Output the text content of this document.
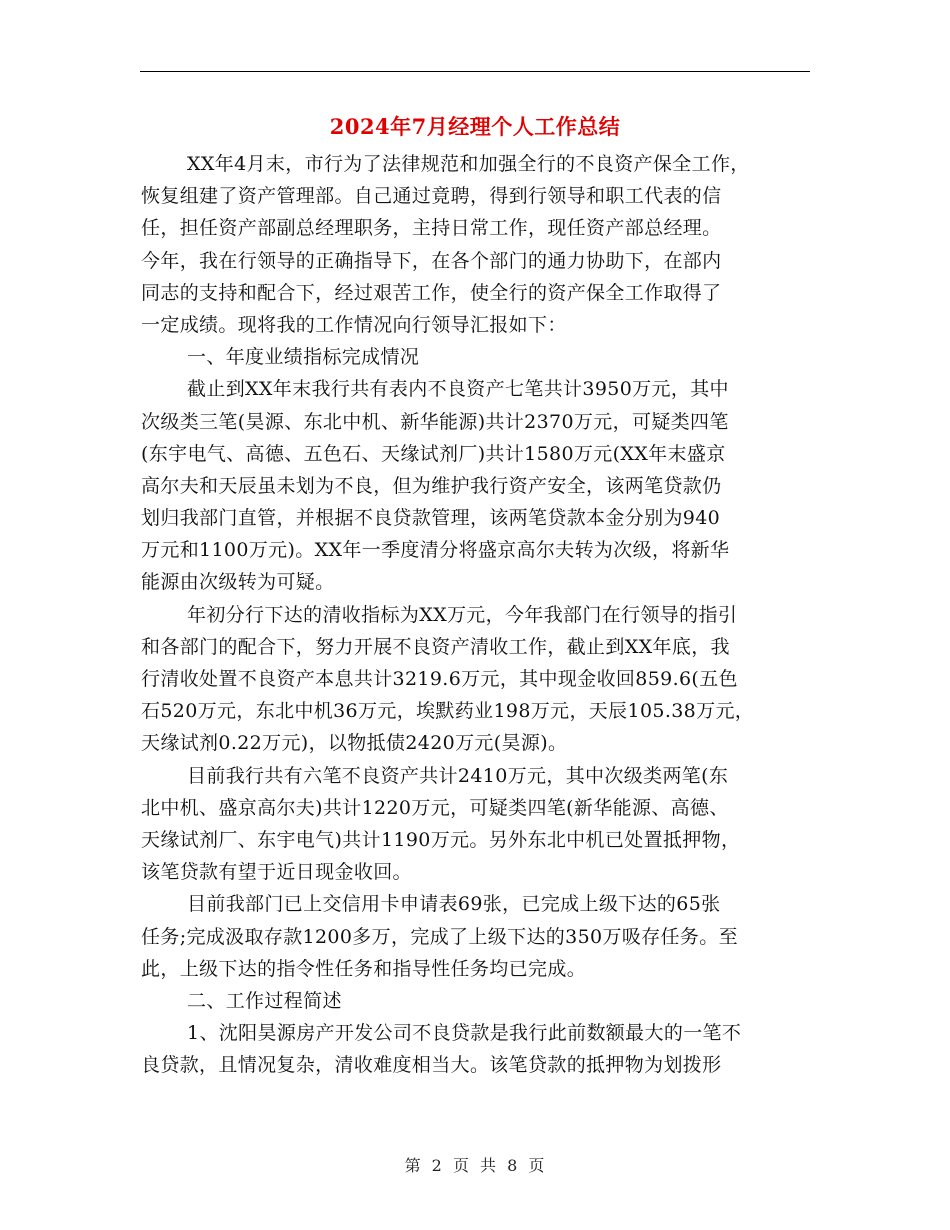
2024年7月经理个人工作总结
XX年4月末，市行为了法律规范和加强全行的不良资产保全工作，
恢复组建了资产管理部。自己通过竟聘，得到行领导和职工代表的信
任，担任资产部副总经理职务，主持日常工作，现任资产部总经理。
今年，我在行领导的正确指导下，在各个部门的通力协助下，在部内
同志的支持和配合下，经过艰苦工作，使全行的资产保全工作取得了
一定成绩。现将我的工作情况向行领导汇报如下：
一、年度业绩指标完成情况
截止到XX年末我行共有表内不良资产七笔共计3950万元，其中
次级类三笔(昊源、东北中机、新华能源)共计2370万元，可疑类四笔
(东宇电气、高德、五色石、天缘试剂厂)共计1580万元(XX年末盛京
高尔夫和天辰虽未划为不良，但为维护我行资产安全，该两笔贷款仍
划归我部门直管，并根据不良贷款管理，该两笔贷款本金分别为940
万元和1100万元)。XX年一季度清分将盛京高尔夫转为次级，将新华
能源由次级转为可疑。
年初分行下达的清收指标为XX万元，今年我部门在行领导的指引
和各部门的配合下，努力开展不良资产清收工作，截止到XX年底，我
行清收处置不良资产本息共计3219.6万元，其中现金收回859.6(五色
石520万元，东北中机36万元，埃默药业198万元，天辰105.38万元，
天缘试剂0.22万元)，以物抵债2420万元(昊源)。
目前我行共有六笔不良资产共计2410万元，其中次级类两笔(东
北中机、盛京高尔夫)共计1220万元，可疑类四笔(新华能源、高德、
天缘试剂厂、东宇电气)共计1190万元。另外东北中机已处置抵押物，
该笔贷款有望于近日现金收回。
目前我部门已上交信用卡申请表69张，已完成上级下达的65张
任务;完成汲取存款1200多万，完成了上级下达的350万吸存任务。至
此，上级下达的指令性任务和指导性任务均已完成。
二、工作过程简述
1、沈阳昊源房产开发公司不良贷款是我行此前数额最大的一笔不
良贷款，且情况复杂，清收难度相当大。该笔贷款的抵押物为划拨形
第 2 页 共 8 页
